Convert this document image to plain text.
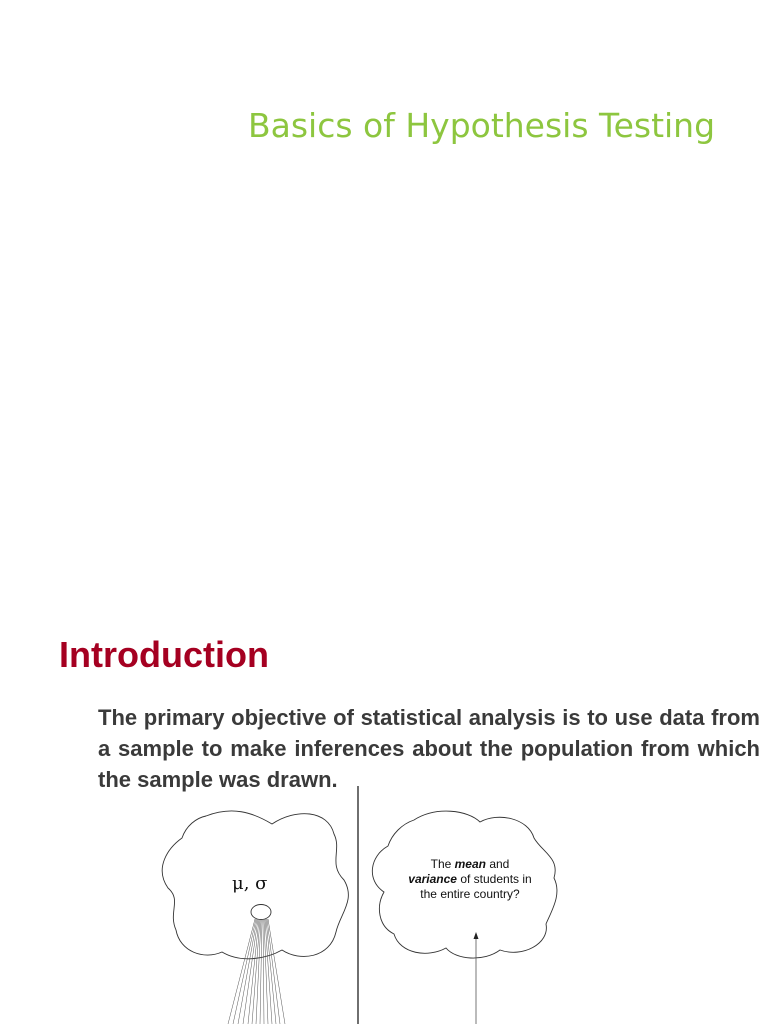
Basics of Hypothesis Testing
Introduction
The primary objective of statistical analysis is to use data from a sample to make inferences about the population from which the sample was drawn.
μ, σ
The mean and variance of students in the entire country?
